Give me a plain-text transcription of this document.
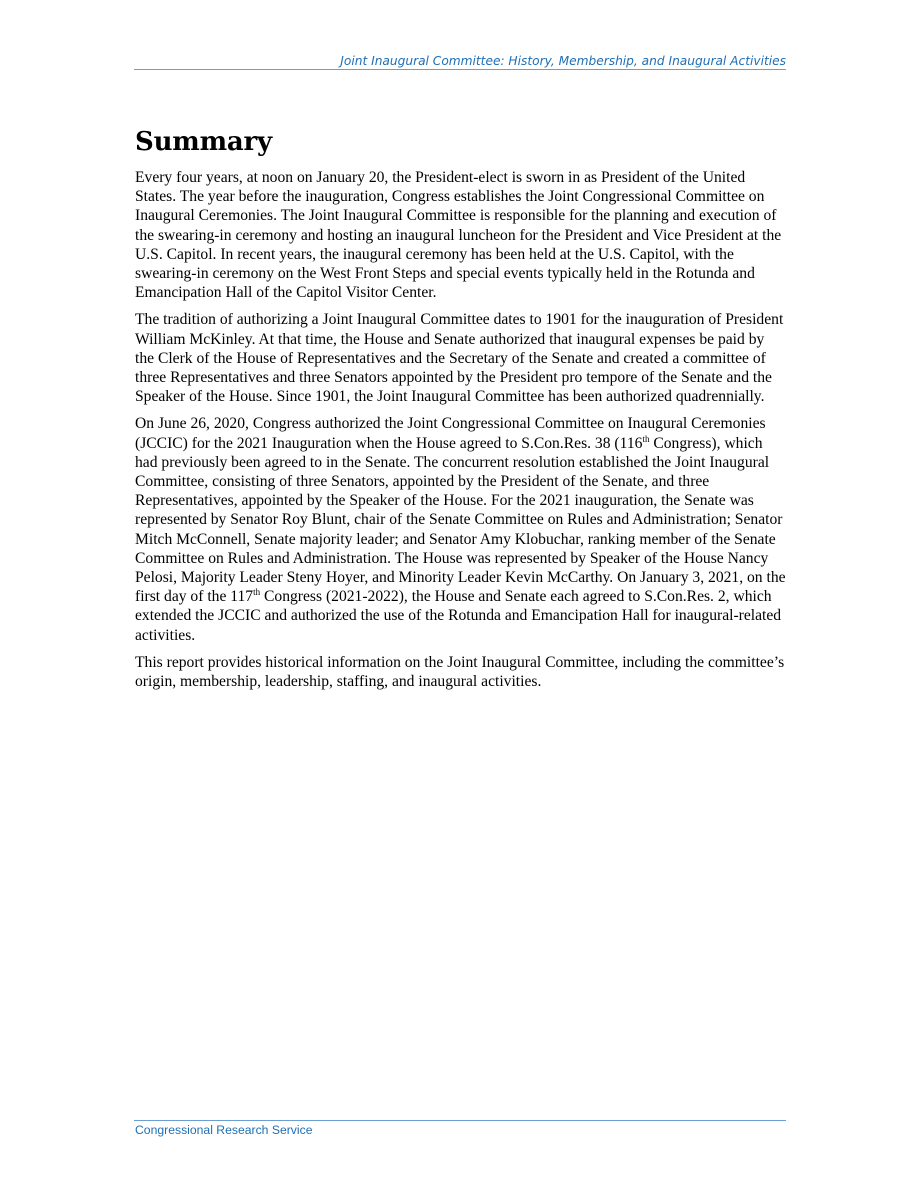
Joint Inaugural Committee: History, Membership, and Inaugural Activities
Summary

Every four years, at noon on January 20, the President-elect is sworn in as President of the United States. The year before the inauguration, Congress establishes the Joint Congressional Committee on Inaugural Ceremonies. The Joint Inaugural Committee is responsible for the planning and execution of the swearing-in ceremony and hosting an inaugural luncheon for the President and Vice President at the U.S. Capitol. In recent years, the inaugural ceremony has been held at the U.S. Capitol, with the swearing-in ceremony on the West Front Steps and special events typically held in the Rotunda and Emancipation Hall of the Capitol Visitor Center.

The tradition of authorizing a Joint Inaugural Committee dates to 1901 for the inauguration of President William McKinley. At that time, the House and Senate authorized that inaugural expenses be paid by the Clerk of the House of Representatives and the Secretary of the Senate and created a committee of three Representatives and three Senators appointed by the President pro tempore of the Senate and the Speaker of the House. Since 1901, the Joint Inaugural Committee has been authorized quadrennially.

On June 26, 2020, Congress authorized the Joint Congressional Committee on Inaugural Ceremonies (JCCIC) for the 2021 Inauguration when the House agreed to S.Con.Res. 38 (116th Congress), which had previously been agreed to in the Senate. The concurrent resolution established the Joint Inaugural Committee, consisting of three Senators, appointed by the President of the Senate, and three Representatives, appointed by the Speaker of the House. For the 2021 inauguration, the Senate was represented by Senator Roy Blunt, chair of the Senate Committee on Rules and Administration; Senator Mitch McConnell, Senate majority leader; and Senator Amy Klobuchar, ranking member of the Senate Committee on Rules and Administration. The House was represented by Speaker of the House Nancy Pelosi, Majority Leader Steny Hoyer, and Minority Leader Kevin McCarthy. On January 3, 2021, on the first day of the 117th Congress (2021-2022), the House and Senate each agreed to S.Con.Res. 2, which extended the JCCIC and authorized the use of the Rotunda and Emancipation Hall for inaugural-related activities.

This report provides historical information on the Joint Inaugural Committee, including the committee’s origin, membership, leadership, staffing, and inaugural activities.

Congressional Research Service
